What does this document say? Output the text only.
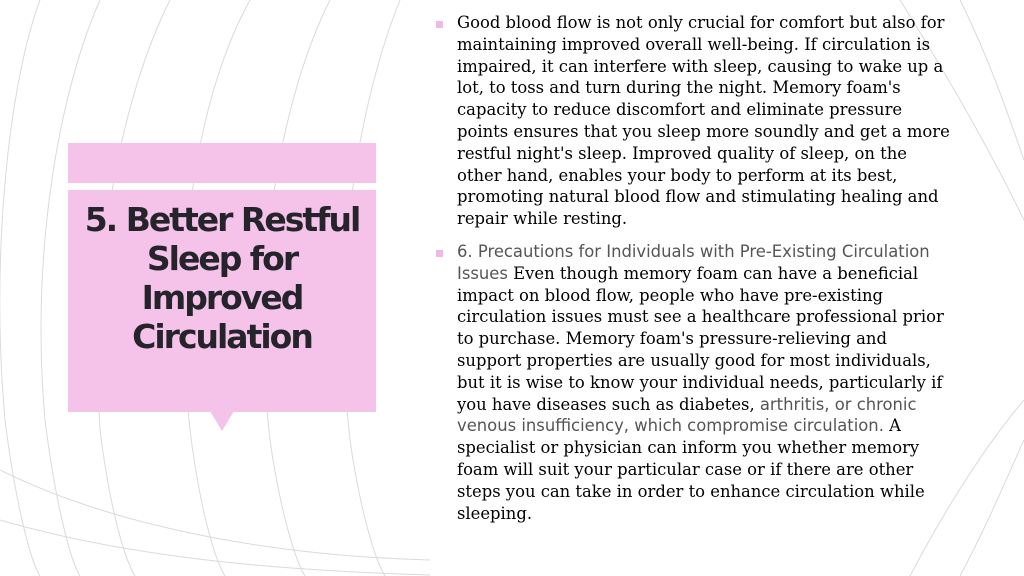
5. Better Restful Sleep for Improved Circulation

Good blood flow is not only crucial for comfort but also for maintaining improved overall well-being. If circulation is impaired, it can interfere with sleep, causing to wake up a lot, to toss and turn during the night. Memory foam's capacity to reduce discomfort and eliminate pressure points ensures that you sleep more soundly and get a more restful night's sleep. Improved quality of sleep, on the other hand, enables your body to perform at its best, promoting natural blood flow and stimulating healing and repair while resting.

6. Precautions for Individuals with Pre-Existing Circulation Issues Even though memory foam can have a beneficial impact on blood flow, people who have pre-existing circulation issues must see a healthcare professional prior to purchase. Memory foam's pressure-relieving and support properties are usually good for most individuals, but it is wise to know your individual needs, particularly if you have diseases such as diabetes, arthritis, or chronic venous insufficiency, which compromise circulation. A specialist or physician can inform you whether memory foam will suit your particular case or if there are other steps you can take in order to enhance circulation while sleeping.
